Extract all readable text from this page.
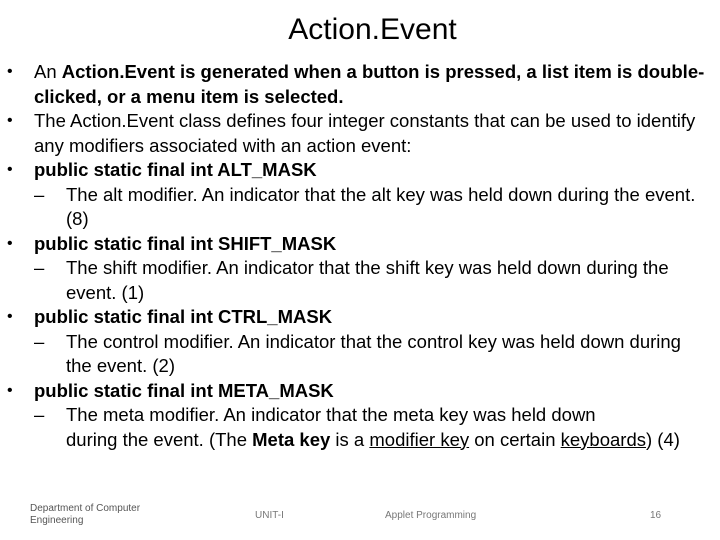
Action.Event
• An Action.Event is generated when a button is pressed, a list item is double-clicked, or a menu item is selected.
• The Action.Event class defines four integer constants that can be used to identify any modifiers associated with an action event:
• public static final int ALT_MASK
– The alt modifier. An indicator that the alt key was held down during the event. (8)
• public static final int SHIFT_MASK
– The shift modifier. An indicator that the shift key was held down during the event. (1)
• public static final int CTRL_MASK
– The control modifier. An indicator that the control key was held down during the event. (2)
• public static final int META_MASK
– The meta modifier. An indicator that the meta key was held down
during the event. (The Meta key is a modifier key on certain keyboards) (4)
Department of Computer Engineering	UNIT-I	Applet Programming	16
